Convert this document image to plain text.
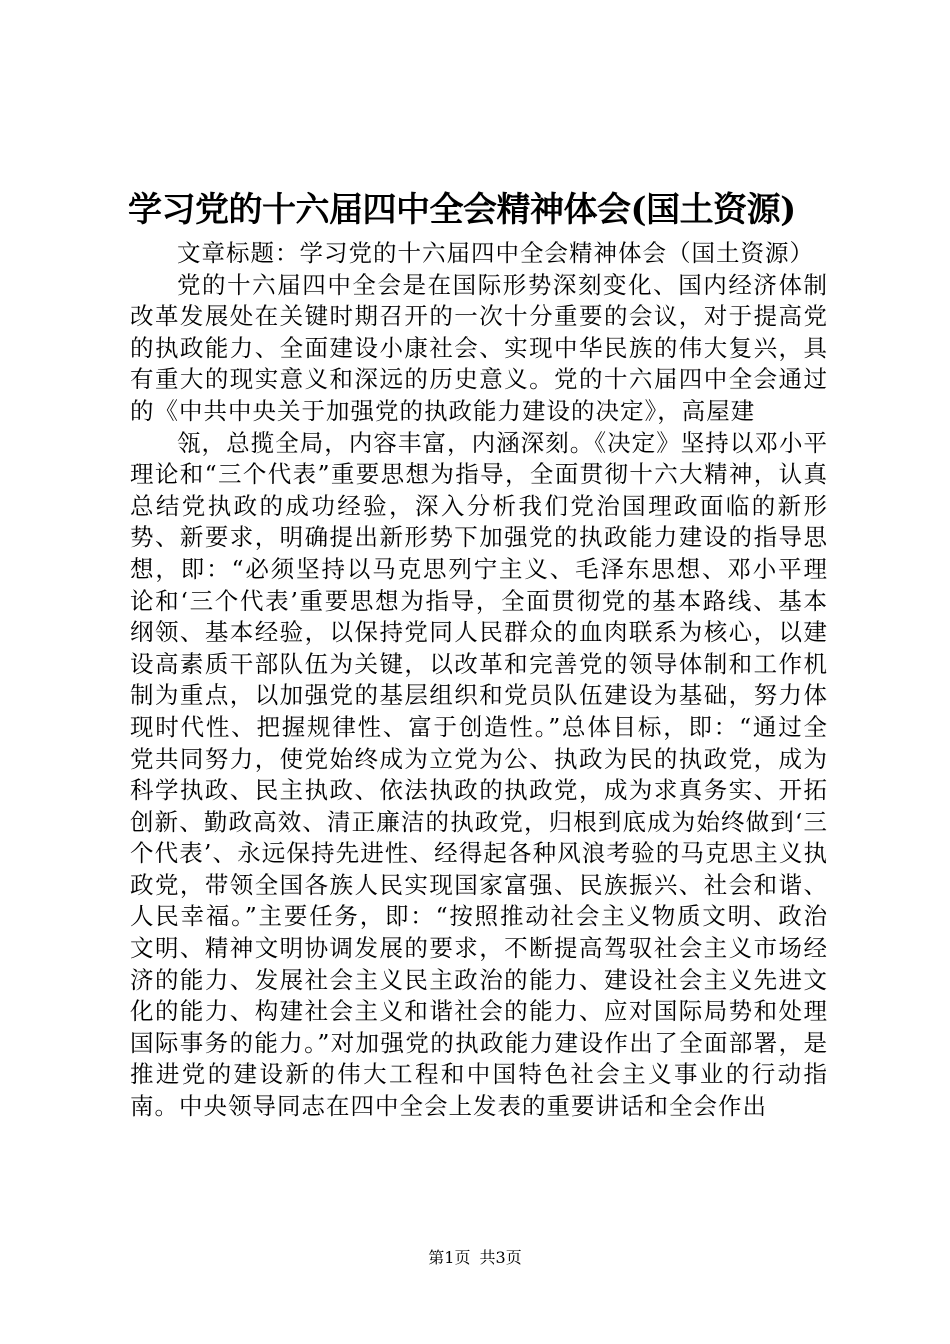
学习党的十六届四中全会精神体会(国土资源)

文章标题：学习党的十六届四中全会精神体会（国土资源）

党的十六届四中全会是在国际形势深刻变化、国内经济体制改革发展处在关键时期召开的一次十分重要的会议，对于提高党的执政能力、全面建设小康社会、实现中华民族的伟大复兴，具有重大的现实意义和深远的历史意义。党的十六届四中全会通过的《中共中央关于加强党的执政能力建设的决定》，高屋建

瓴，总揽全局，内容丰富，内涵深刻。《决定》坚持以邓小平理论和“三个代表”重要思想为指导，全面贯彻十六大精神，认真总结党执政的成功经验，深入分析我们党治国理政面临的新形势、新要求，明确提出新形势下加强党的执政能力建设的指导思想，即：“必须坚持以马克思列宁主义、毛泽东思想、邓小平理论和‘三个代表’重要思想为指导，全面贯彻党的基本路线、基本纲领、基本经验，以保持党同人民群众的血肉联系为核心，以建设高素质干部队伍为关键，以改革和完善党的领导体制和工作机制为重点，以加强党的基层组织和党员队伍建设为基础，努力体现时代性、把握规律性、富于创造性。”总体目标，即：“通过全党共同努力，使党始终成为立党为公、执政为民的执政党，成为科学执政、民主执政、依法执政的执政党，成为求真务实、开拓创新、勤政高效、清正廉洁的执政党，归根到底成为始终做到‘三个代表’、永远保持先进性、经得起各种风浪考验的马克思主义执政党，带领全国各族人民实现国家富强、民族振兴、社会和谐、人民幸福。”主要任务，即：“按照推动社会主义物质文明、政治文明、精神文明协调发展的要求，不断提高驾驭社会主义市场经济的能力、发展社会主义民主政治的能力、建设社会主义先进文化的能力、构建社会主义和谐社会的能力、应对国际局势和处理国际事务的能力。”对加强党的执政能力建设作出了全面部署，是推进党的建设新的伟大工程和中国特色社会主义事业的行动指南。中央领导同志在四中全会上发表的重要讲话和全会作出

第1页 共3页
